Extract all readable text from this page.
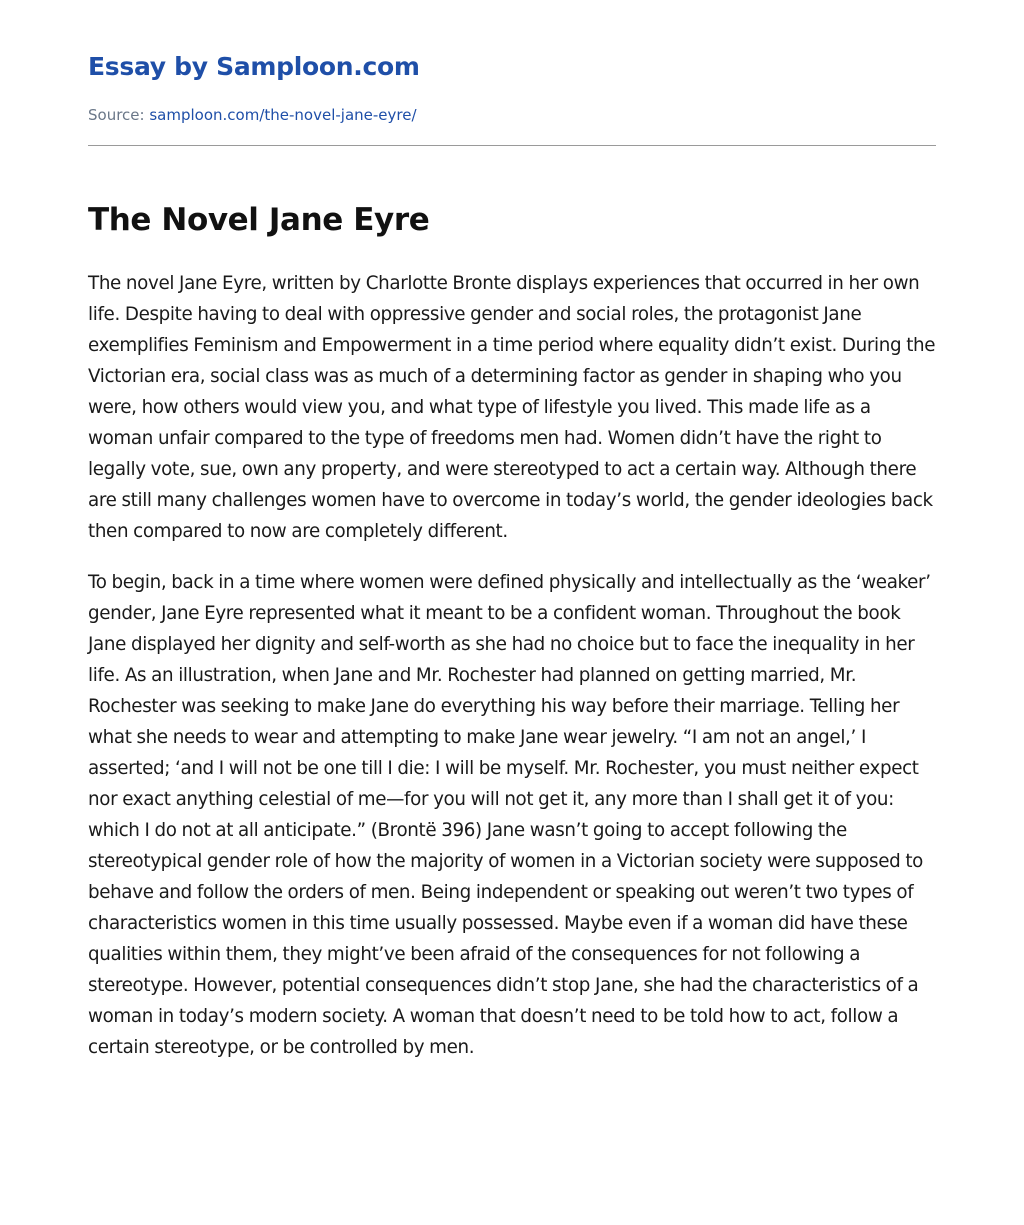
Essay by Samploon.com
Source: samploon.com/the-novel-jane-eyre/
The Novel Jane Eyre

The novel Jane Eyre, written by Charlotte Bronte displays experiences that occurred in her own life. Despite having to deal with oppressive gender and social roles, the protagonist Jane exemplifies Feminism and Empowerment in a time period where equality didn’t exist. During the Victorian era, social class was as much of a determining factor as gender in shaping who you were, how others would view you, and what type of lifestyle you lived. This made life as a woman unfair compared to the type of freedoms men had. Women didn’t have the right to legally vote, sue, own any property, and were stereotyped to act a certain way. Although there are still many challenges women have to overcome in today’s world, the gender ideologies back then compared to now are completely different.

To begin, back in a time where women were defined physically and intellectually as the ‘weaker’ gender, Jane Eyre represented what it meant to be a confident woman. Throughout the book Jane displayed her dignity and self-worth as she had no choice but to face the inequality in her life. As an illustration, when Jane and Mr. Rochester had planned on getting married, Mr. Rochester was seeking to make Jane do everything his way before their marriage. Telling her what she needs to wear and attempting to make Jane wear jewelry. “I am not an angel,’ I asserted; ‘and I will not be one till I die: I will be myself. Mr. Rochester, you must neither expect nor exact anything celestial of me—for you will not get it, any more than I shall get it of you: which I do not at all anticipate.” (Brontë 396) Jane wasn’t going to accept following the stereotypical gender role of how the majority of women in a Victorian society were supposed to behave and follow the orders of men. Being independent or speaking out weren’t two types of characteristics women in this time usually possessed. Maybe even if a woman did have these qualities within them, they might’ve been afraid of the consequences for not following a stereotype. However, potential consequences didn’t stop Jane, she had the characteristics of a woman in today’s modern society. A woman that doesn’t need to be told how to act, follow a certain stereotype, or be controlled by men.
